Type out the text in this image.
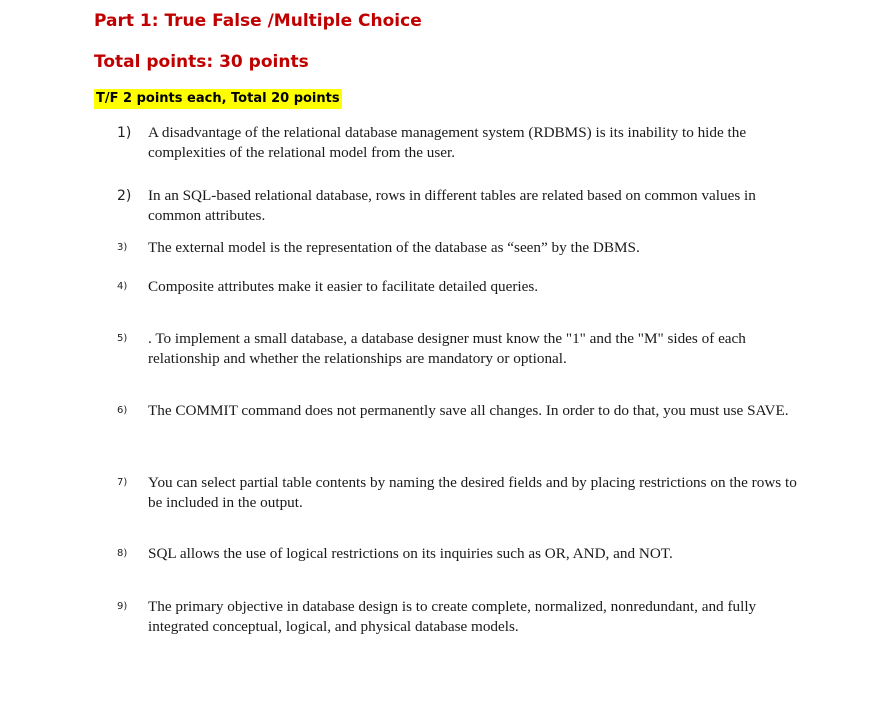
Part 1: True False /Multiple Choice
Total points: 30 points
T/F 2 points each, Total 20 points
1)	A disadvantage of the relational database management system (RDBMS) is its inability to hide the complexities of the relational model from the user.
2)	In an SQL-based relational database, rows in different tables are related based on common values in common attributes.
3)	The external model is the representation of the database as “seen” by the DBMS.
4)	Composite attributes make it easier to facilitate detailed queries.
5)	. To implement a small database, a database designer must know the "1" and the "M" sides of each relationship and whether the relationships are mandatory or optional.
6)	The COMMIT command does not permanently save all changes. In order to do that, you must use SAVE.
7)	You can select partial table contents by naming the desired fields and by placing restrictions on the rows to be included in the output.
8)	SQL allows the use of logical restrictions on its inquiries such as OR, AND, and NOT.
9)	The primary objective in database design is to create complete, normalized, nonredundant, and fully integrated conceptual, logical, and physical database models.
